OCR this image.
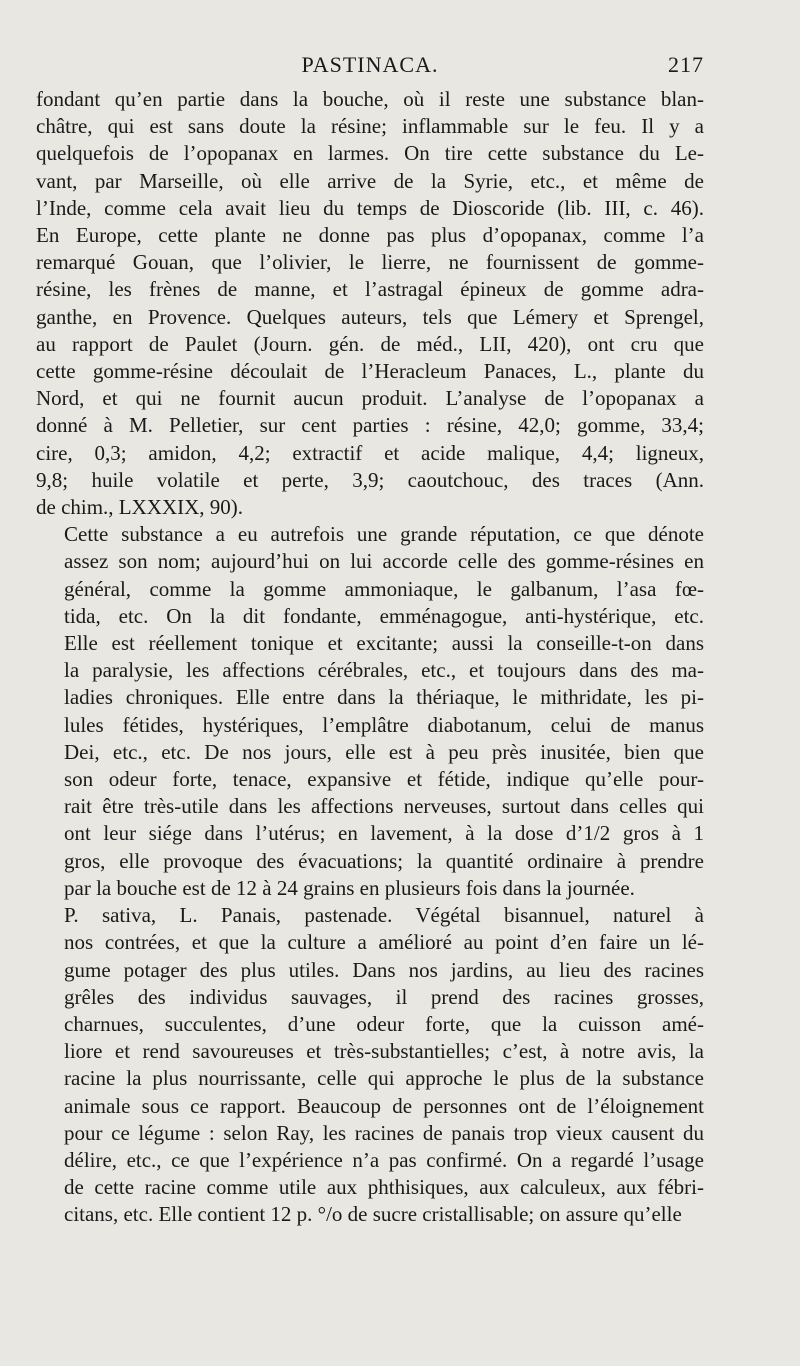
PASTINACA.	217

fondant qu’en partie dans la bouche, où il reste une substance blan-
châtre, qui est sans doute la résine; inflammable sur le feu. Il y a
quelquefois de l’opopanax en larmes. On tire cette substance du Le-
vant, par Marseille, où elle arrive de la Syrie, etc., et même de
l’Inde, comme cela avait lieu du temps de Dioscoride (lib. III, c. 46).
En Europe, cette plante ne donne pas plus d’opopanax, comme l’a
remarqué Gouan, que l’olivier, le lierre, ne fournissent de gomme-
résine, les frènes de manne, et l’astragal épineux de gomme adra-
ganthe, en Provence. Quelques auteurs, tels que Lémery et Sprengel,
au rapport de Paulet (Journ. gén. de méd., LII, 420), ont cru que
cette gomme-résine découlait de l’Heracleum Panaces, L., plante du
Nord, et qui ne fournit aucun produit. L’analyse de l’opopanax a
donné à M. Pelletier, sur cent parties : résine, 42,0; gomme, 33,4;
cire, 0,3; amidon, 4,2; extractif et acide malique, 4,4; ligneux,
9,8; huile volatile et perte, 3,9; caoutchouc, des traces (Ann.
de chim., LXXXIX, 90).

Cette substance a eu autrefois une grande réputation, ce que dénote
assez son nom; aujourd’hui on lui accorde celle des gomme-résines en
général, comme la gomme ammoniaque, le galbanum, l’asa fœ-
tida, etc. On la dit fondante, emménagogue, anti-hystérique, etc.
Elle est réellement tonique et excitante; aussi la conseille-t-on dans
la paralysie, les affections cérébrales, etc., et toujours dans des ma-
ladies chroniques. Elle entre dans la thériaque, le mithridate, les pi-
lules fétides, hystériques, l’emplâtre diabotanum, celui de manus
Dei, etc., etc. De nos jours, elle est à peu près inusitée, bien que
son odeur forte, tenace, expansive et fétide, indique qu’elle pour-
rait être très-utile dans les affections nerveuses, surtout dans celles qui
ont leur siége dans l’utérus; en lavement, à la dose d’1/2 gros à 1
gros, elle provoque des évacuations; la quantité ordinaire à prendre
par la bouche est de 12 à 24 grains en plusieurs fois dans la journée.

P. sativa, L. Panais, pastenade. Végétal bisannuel, naturel à
nos contrées, et que la culture a amélioré au point d’en faire un lé-
gume potager des plus utiles. Dans nos jardins, au lieu des racines
grêles des individus sauvages, il prend des racines grosses,
charnues, succulentes, d’une odeur forte, que la cuisson amé-
liore et rend savoureuses et très-substantielles; c’est, à notre avis, la
racine la plus nourrissante, celle qui approche le plus de la substance
animale sous ce rapport. Beaucoup de personnes ont de l’éloignement
pour ce légume : selon Ray, les racines de panais trop vieux causent du
délire, etc., ce que l’expérience n’a pas confirmé. On a regardé l’usage
de cette racine comme utile aux phthisiques, aux calculeux, aux fébri-
citans, etc. Elle contient 12 p. °/o de sucre cristallisable; on assure qu’elle
